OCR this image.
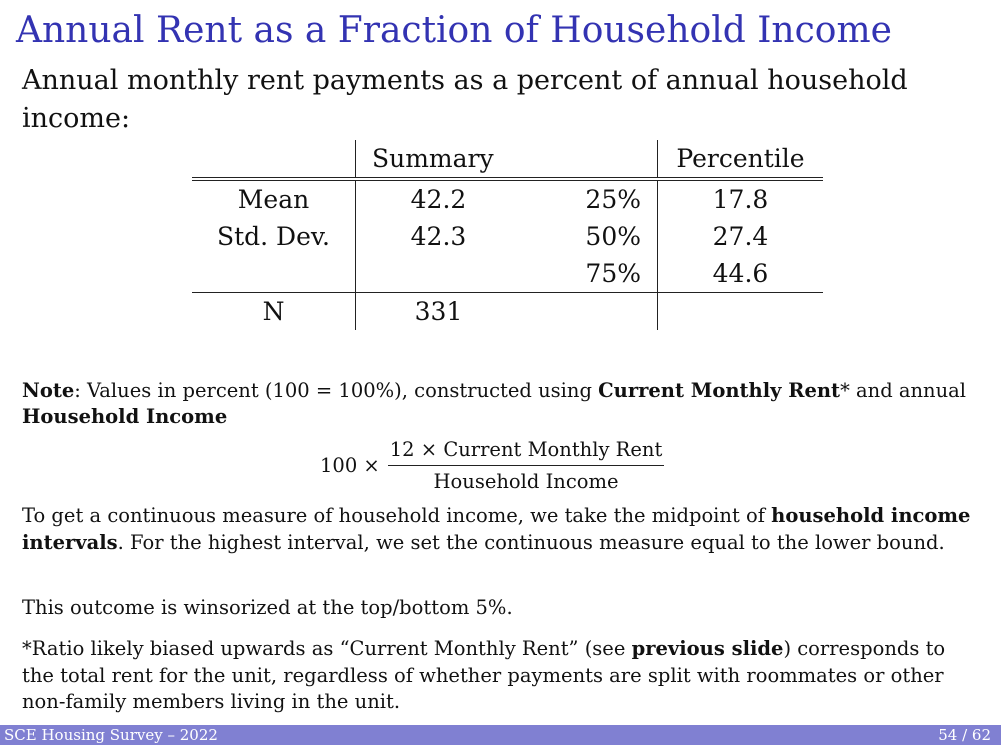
Annual Rent as a Fraction of Household Income
Annual monthly rent payments as a percent of annual household income:
	Summary		Percentile
Mean	42.2	25%	17.8
Std. Dev.	42.3	50%	27.4
		75%	44.6
N	331		
Note: Values in percent (100 = 100%), constructed using Current Monthly Rent* and annual Household Income
$100 \times \frac{\text{12 × Current Monthly Rent}}{\text{Household Income}}$
To get a continuous measure of household income, we take the midpoint of household income intervals. For the highest interval, we set the continuous measure equal to the lower bound.
This outcome is winsorized at the top/bottom 5%.
*Ratio likely biased upwards as “Current Monthly Rent” (see previous slide) corresponds to the total rent for the unit, regardless of whether payments are split with roommates or other non-family members living in the unit.
SCE Housing Survey – 2022	54 / 62
